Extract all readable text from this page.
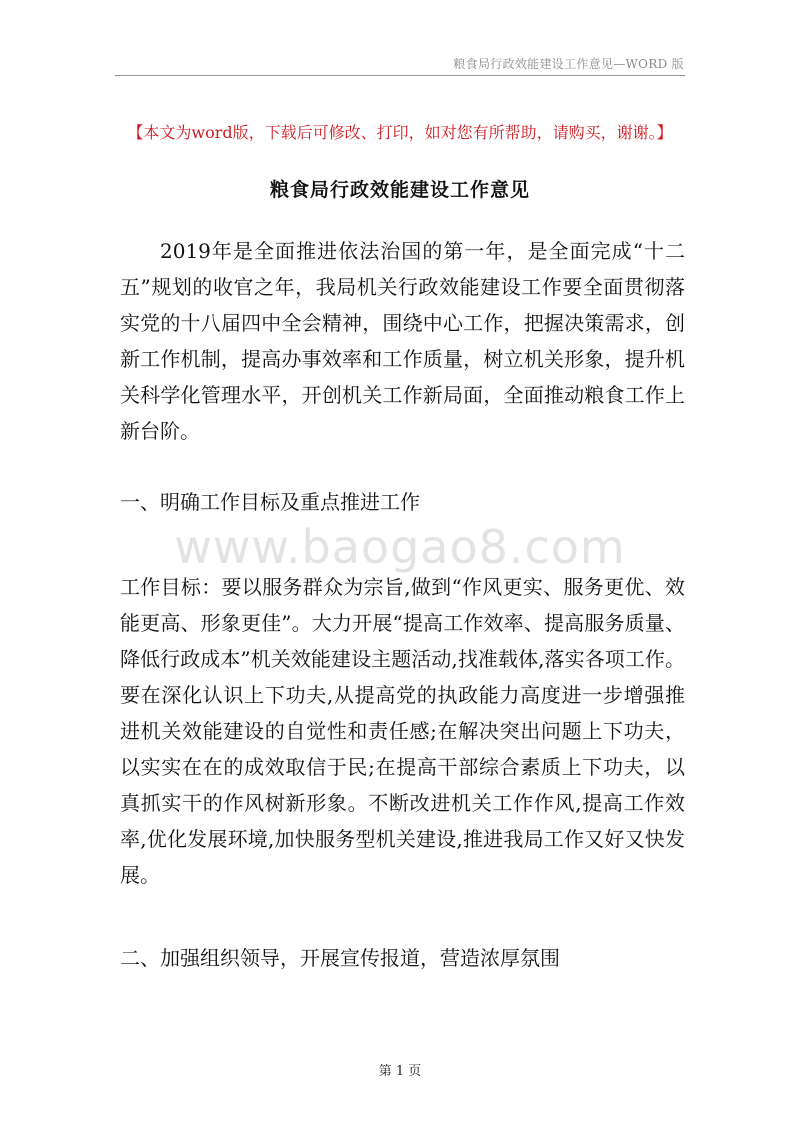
粮食局行政效能建设工作意见—WORD 版
【本文为word版，下载后可修改、打印，如对您有所帮助，请购买，谢谢。】
粮食局行政效能建设工作意见

2019年是全面推进依法治国的第一年，是全面完成“十二五”规划的收官之年，我局机关行政效能建设工作要全面贯彻落实党的十八届四中全会精神，围绕中心工作，把握决策需求，创新工作机制，提高办事效率和工作质量，树立机关形象，提升机关科学化管理水平，开创机关工作新局面，全面推动粮食工作上新台阶。

一、明确工作目标及重点推进工作

www.baogao8.com

工作目标：要以服务群众为宗旨,做到“作风更实、服务更优、效能更高、形象更佳”。大力开展“提高工作效率、提高服务质量、降低行政成本”机关效能建设主题活动,找准载体,落实各项工作。要在深化认识上下功夫,从提高党的执政能力高度进一步增强推进机关效能建设的自觉性和责任感;在解决突出问题上下功夫，以实实在在的成效取信于民;在提高干部综合素质上下功夫，以真抓实干的作风树新形象。不断改进机关工作作风,提高工作效率,优化发展环境,加快服务型机关建设,推进我局工作又好又快发展。

二、加强组织领导，开展宣传报道，营造浓厚氛围

第 1 页
